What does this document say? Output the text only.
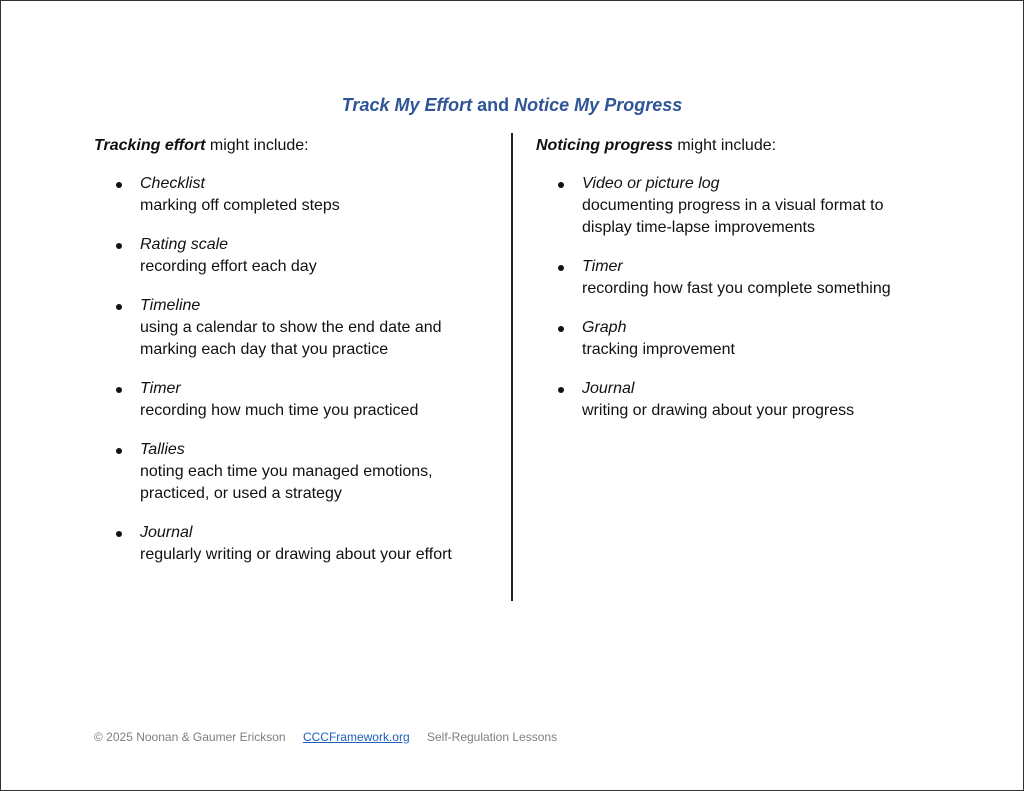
Track My Effort and Notice My Progress

Tracking effort might include:

Checklist
marking off completed steps
Rating scale
recording effort each day
Timeline
using a calendar to show the end date and marking each day that you practice
Timer
recording how much time you practiced
Tallies
noting each time you managed emotions, practiced, or used a strategy
Journal
regularly writing or drawing about your effort

Noticing progress might include:

Video or picture log
documenting progress in a visual format to display time-lapse improvements
Timer
recording how fast you complete something
Graph
tracking improvement
Journal
writing or drawing about your progress
© 2025 Noonan & Gaumer Erickson CCCFramework.org Self-Regulation Lessons
